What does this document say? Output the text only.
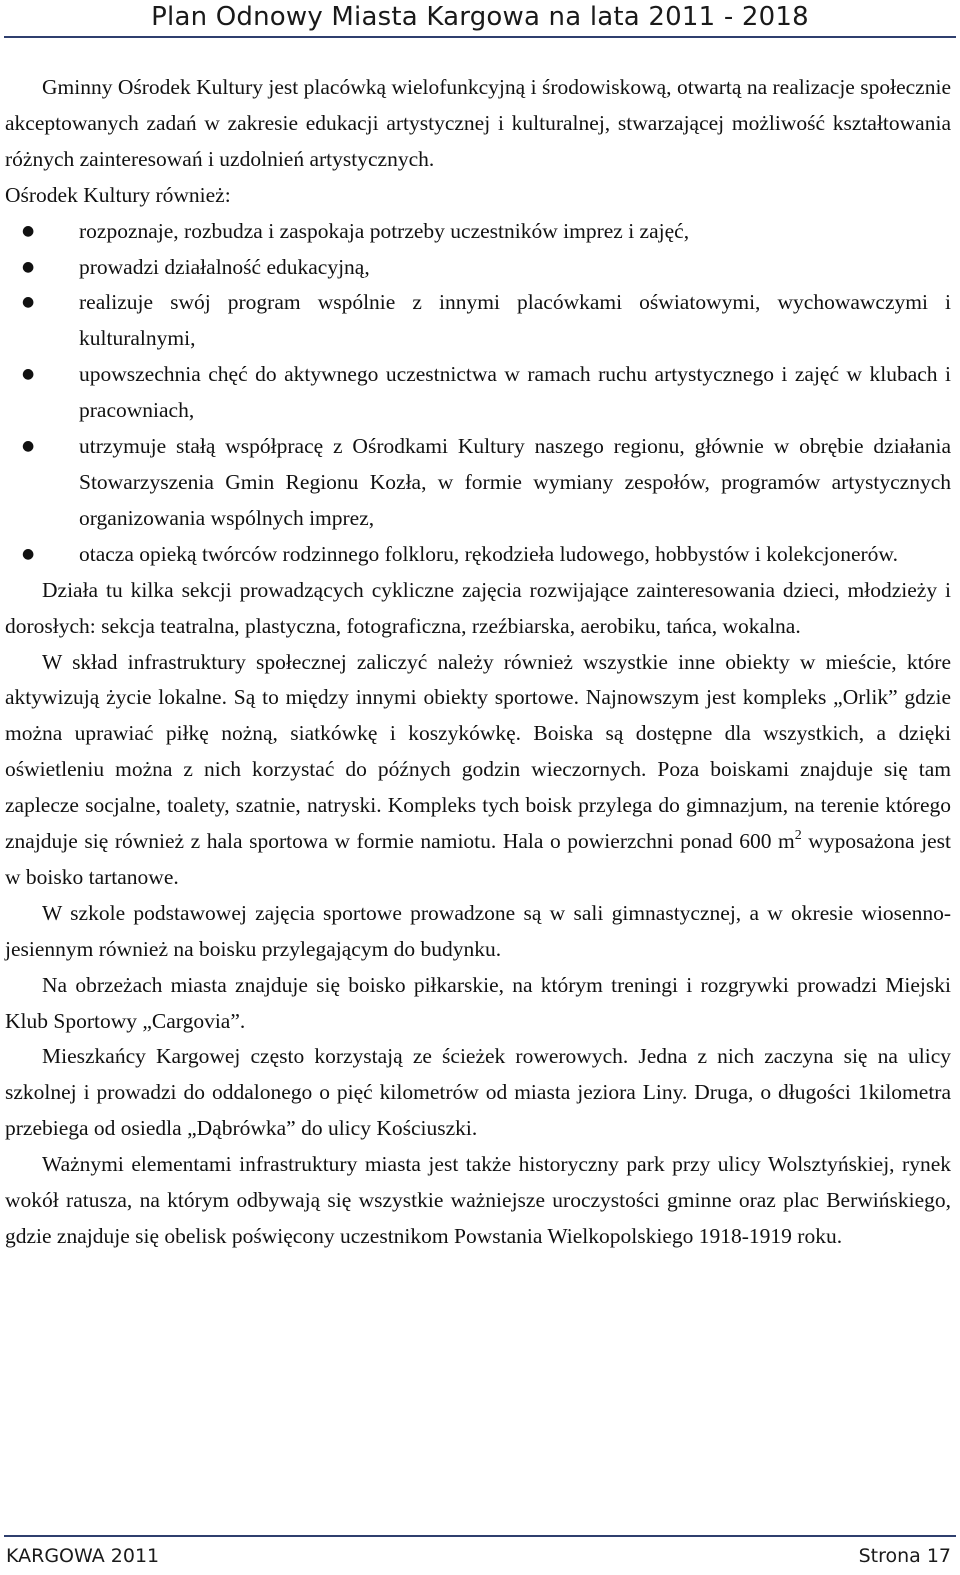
Plan Odnowy Miasta Kargowa na lata 2011 - 2018

Gminny Ośrodek Kultury jest placówką wielofunkcyjną i środowiskową, otwartą na realizacje społecznie akceptowanych zadań w zakresie edukacji artystycznej i kulturalnej, stwarzającej możliwość kształtowania różnych zainteresowań i uzdolnień artystycznych.

Ośrodek Kultury również:

● rozpoznaje, rozbudza i zaspokaja potrzeby uczestników imprez i zajęć,
● prowadzi działalność edukacyjną,
● realizuje swój program wspólnie z innymi placówkami oświatowymi, wychowawczymi i kulturalnymi,
● upowszechnia chęć do aktywnego uczestnictwa w ramach ruchu artystycznego i zajęć w klubach i pracowniach,
● utrzymuje stałą współpracę z Ośrodkami Kultury naszego regionu, głównie w obrębie działania Stowarzyszenia Gmin Regionu Kozła, w formie wymiany zespołów, programów artystycznych organizowania wspólnych imprez,
● otacza opieką twórców rodzinnego folkloru, rękodzieła ludowego, hobbystów i kolekcjonerów.

Działa tu kilka sekcji prowadzących cykliczne zajęcia rozwijające zainteresowania dzieci, młodzieży i dorosłych: sekcja teatralna, plastyczna, fotograficzna, rzeźbiarska, aerobiku, tańca, wokalna.

W skład infrastruktury społecznej zaliczyć należy również wszystkie inne obiekty w mieście, które aktywizują życie lokalne. Są to między innymi obiekty sportowe. Najnowszym jest kompleks „Orlik” gdzie można uprawiać piłkę nożną, siatkówkę i koszykówkę. Boiska są dostępne dla wszystkich, a dzięki oświetleniu można z nich korzystać do późnych godzin wieczornych. Poza boiskami znajduje się tam zaplecze socjalne, toalety, szatnie, natryski. Kompleks tych boisk przylega do gimnazjum, na terenie którego znajduje się również z hala sportowa w formie namiotu. Hala o powierzchni ponad 600 $m^2$ wyposażona jest w boisko tartanowe.

W szkole podstawowej zajęcia sportowe prowadzone są w sali gimnastycznej, a w okresie wiosenno-jesiennym również na boisku przylegającym do budynku.

Na obrzeżach miasta znajduje się boisko piłkarskie, na którym treningi i rozgrywki prowadzi Miejski Klub Sportowy „Cargovia”.

Mieszkańcy Kargowej często korzystają ze ścieżek rowerowych. Jedna z nich zaczyna się na ulicy szkolnej i prowadzi do oddalonego o pięć kilometrów od miasta jeziora Liny. Druga, o długości 1kilometra przebiega od osiedla „Dąbrówka” do ulicy Kościuszki.

Ważnymi elementami infrastruktury miasta jest także historyczny park przy ulicy Wolsztyńskiej, rynek wokół ratusza, na którym odbywają się wszystkie ważniejsze uroczystości gminne oraz plac Berwińskiego, gdzie znajduje się obelisk poświęcony uczestnikom Powstania Wielkopolskiego 1918-1919 roku.

KARGOWA 2011	Strona 17
